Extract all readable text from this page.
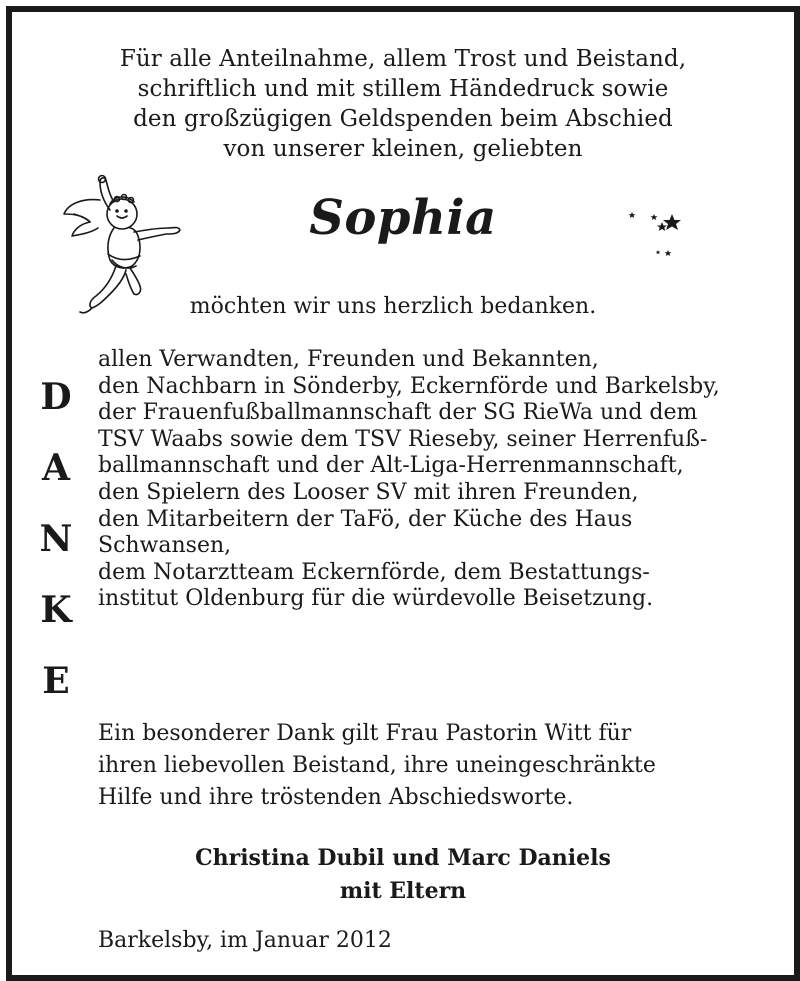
Für alle Anteilnahme, allem Trost und Beistand,
schriftlich und mit stillem Händedruck sowie
den großzügigen Geldspenden beim Abschied
von unserer kleinen, geliebten
Sophia
möchten wir uns herzlich bedanken.
D
A
N
K
E
allen Verwandten, Freunden und Bekannten,
den Nachbarn in Sönderby, Eckernförde und Barkelsby,
der Frauenfußballmannschaft der SG RieWa und dem
TSV Waabs sowie dem TSV Rieseby, seiner Herrenfuß-
ballmannschaft und der Alt-Liga-Herrenmannschaft,
den Spielern des Looser SV mit ihren Freunden,
den Mitarbeitern der TaFö, der Küche des Haus
Schwansen,
dem Notarztteam Eckernförde, dem Bestattungs-
institut Oldenburg für die würdevolle Beisetzung.
Ein besonderer Dank gilt Frau Pastorin Witt für
ihren liebevollen Beistand, ihre uneingeschränkte
Hilfe und ihre tröstenden Abschiedsworte.
Christina Dubil und Marc Daniels
mit Eltern
Barkelsby, im Januar 2012
